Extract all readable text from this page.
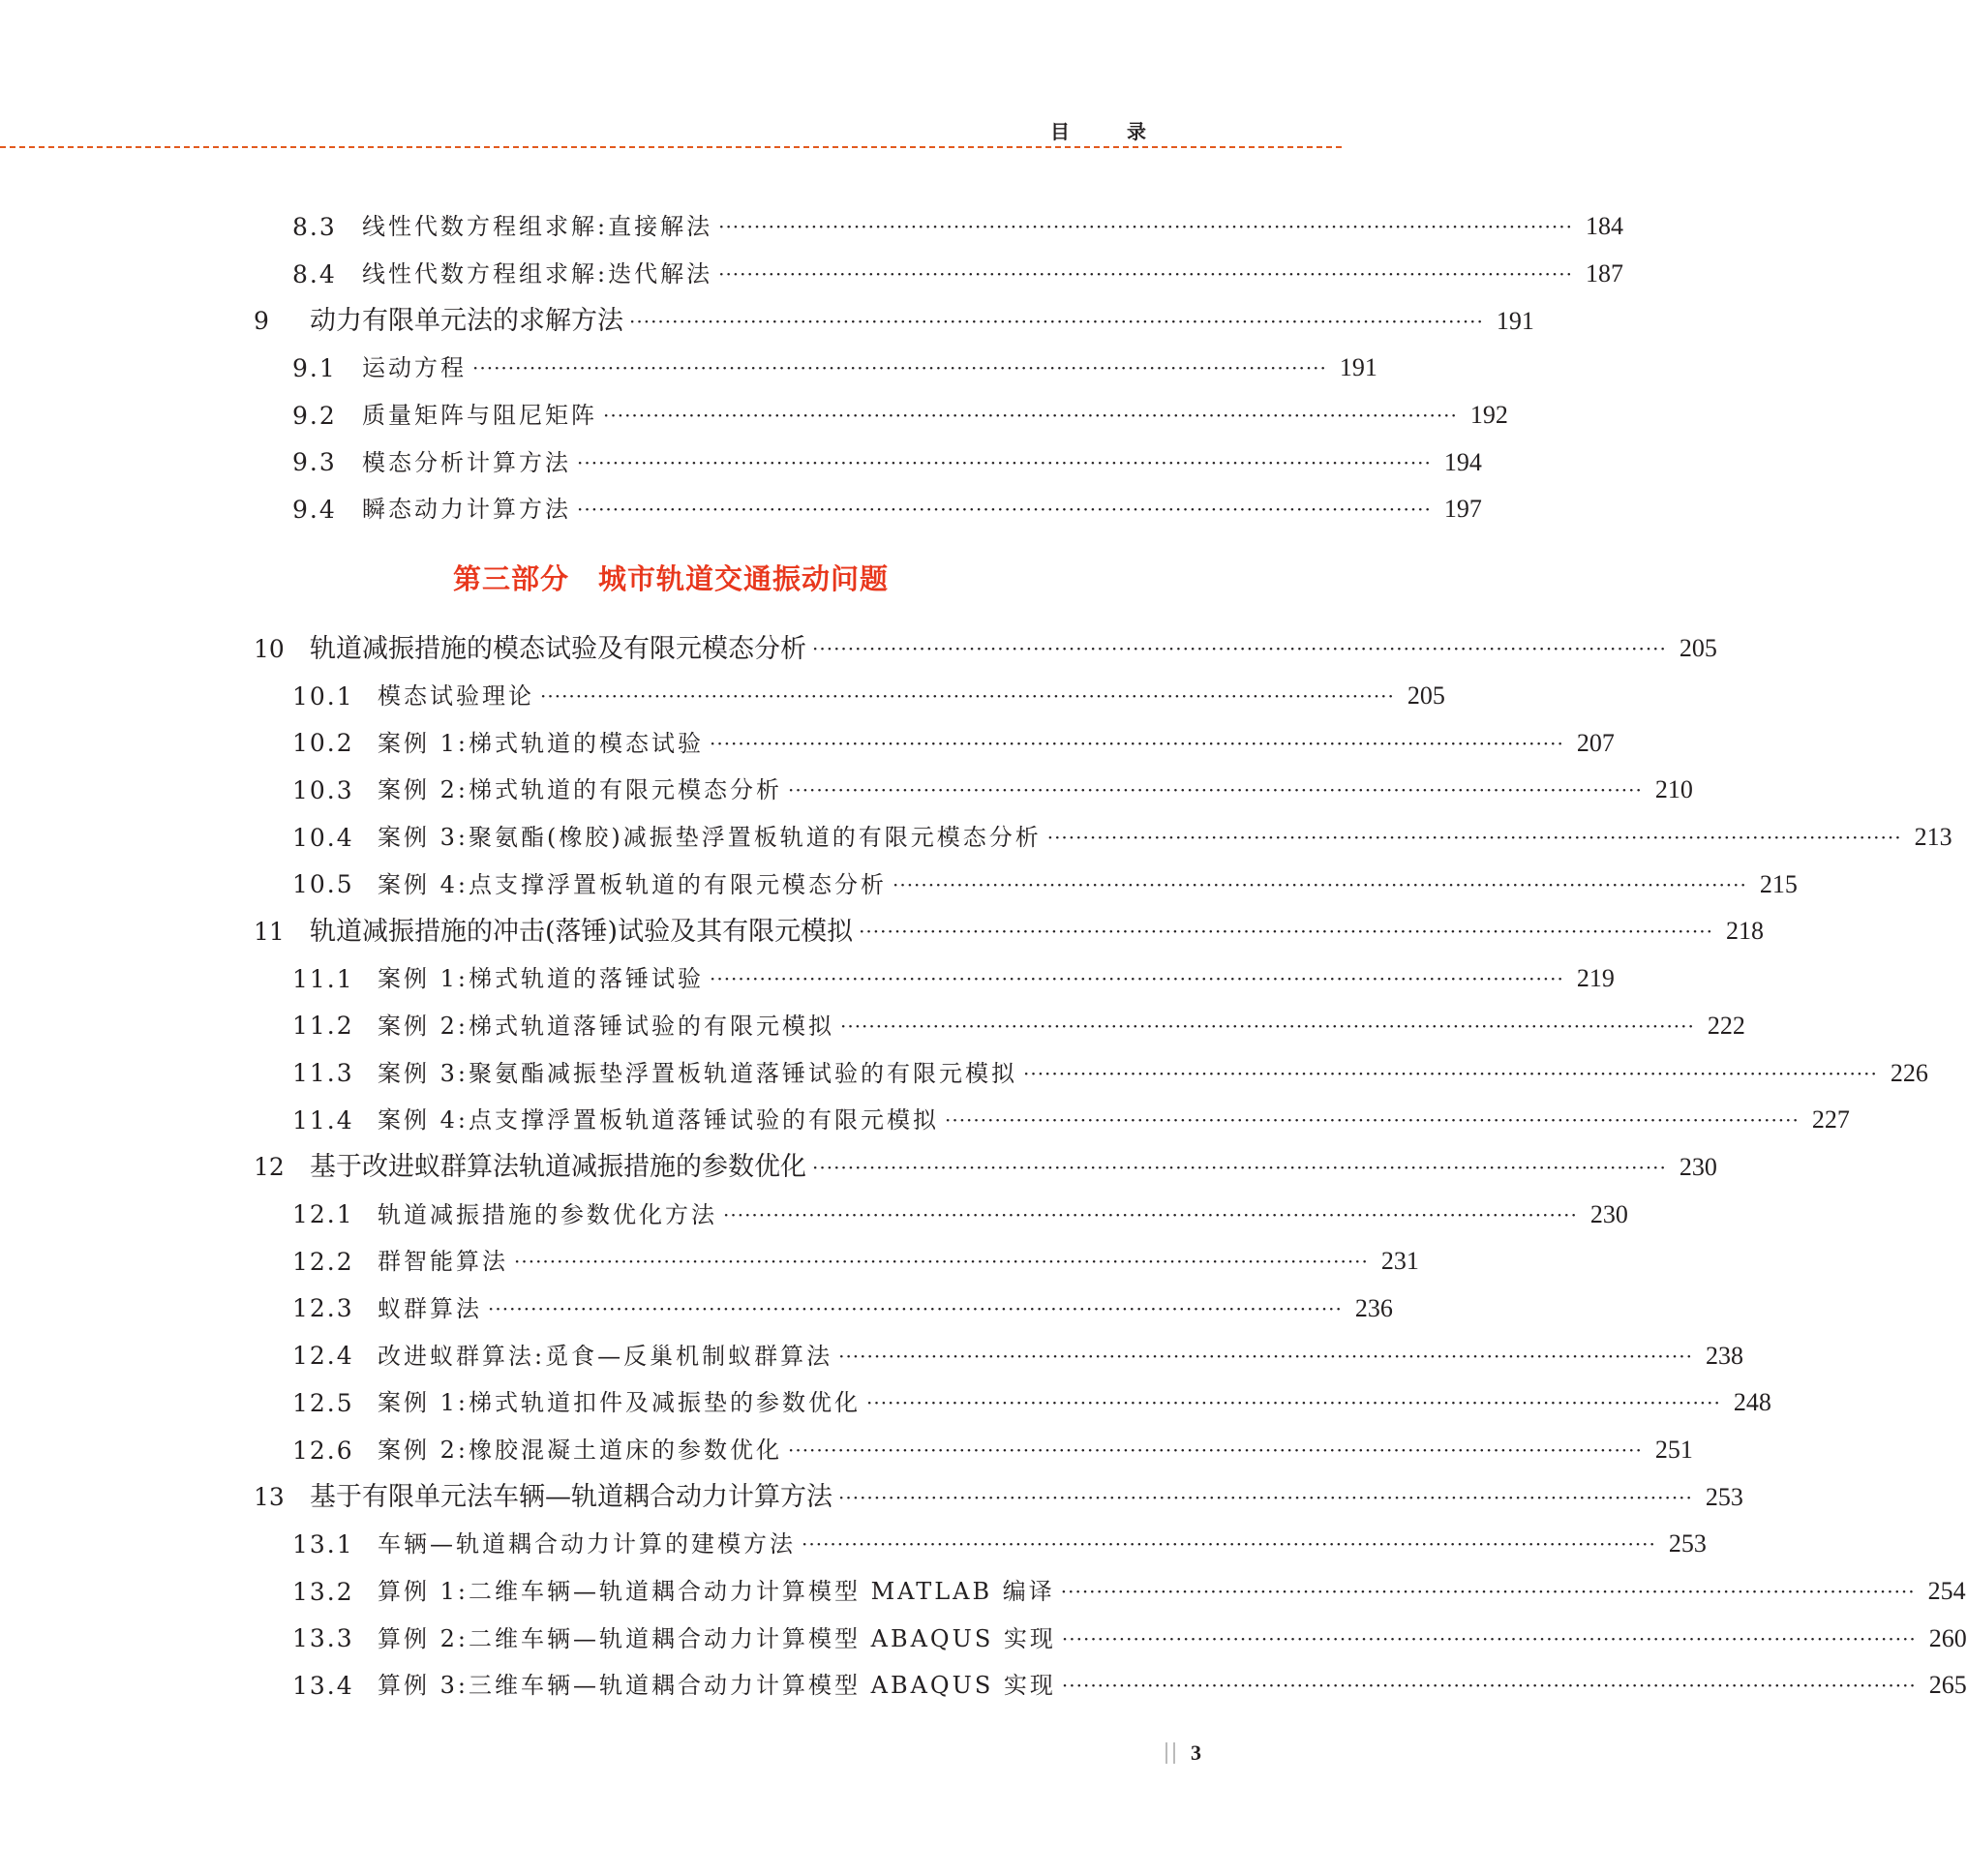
目 录
8.3	线性代数方程组求解:直接解法 ························································································································ 184
8.4	线性代数方程组求解:迭代解法 ························································································································ 187
9	动力有限单元法的求解方法 ························································································································ 191
9.1	运动方程 ························································································································ 191
9.2	质量矩阵与阻尼矩阵 ························································································································ 192
9.3	模态分析计算方法 ························································································································ 194
9.4	瞬态动力计算方法 ························································································································ 197
第三部分　城市轨道交通振动问题
10 轨道减振措施的模态试验及有限元模态分析 ························································································································ 205
10.1	模态试验理论 ························································································································ 205
10.2	案例 1:梯式轨道的模态试验 ························································································································ 207
10.3	案例 2:梯式轨道的有限元模态分析 ························································································································ 210
10.4	案例 3:聚氨酯(橡胶)减振垫浮置板轨道的有限元模态分析 ························································································································ 213
10.5	案例 4:点支撑浮置板轨道的有限元模态分析 ························································································································ 215
11 轨道减振措施的冲击(落锤)试验及其有限元模拟 ························································································································ 218
11.1	案例 1:梯式轨道的落锤试验 ························································································································ 219
11.2	案例 2:梯式轨道落锤试验的有限元模拟 ························································································································ 222
11.3	案例 3:聚氨酯减振垫浮置板轨道落锤试验的有限元模拟 ························································································································ 226
11.4	案例 4:点支撑浮置板轨道落锤试验的有限元模拟 ························································································································ 227
12 基于改进蚁群算法轨道减振措施的参数优化 ························································································································ 230
12.1	轨道减振措施的参数优化方法 ························································································································ 230
12.2	群智能算法 ························································································································ 231
12.3	蚁群算法 ························································································································ 236
12.4	改进蚁群算法:觅食—反巢机制蚁群算法 ························································································································ 238
12.5	案例 1:梯式轨道扣件及减振垫的参数优化 ························································································································ 248
12.6	案例 2:橡胶混凝土道床的参数优化 ························································································································ 251
13 基于有限单元法车辆—轨道耦合动力计算方法 ························································································································ 253
13.1	车辆—轨道耦合动力计算的建模方法 ························································································································ 253
13.2	算例 1:二维车辆—轨道耦合动力计算模型 MATLAB 编译 ························································································································ 254
13.3	算例 2:二维车辆—轨道耦合动力计算模型 ABAQUS 实现 ························································································································ 260
13.4	算例 3:三维车辆—轨道耦合动力计算模型 ABAQUS 实现 ························································································································ 265
3
